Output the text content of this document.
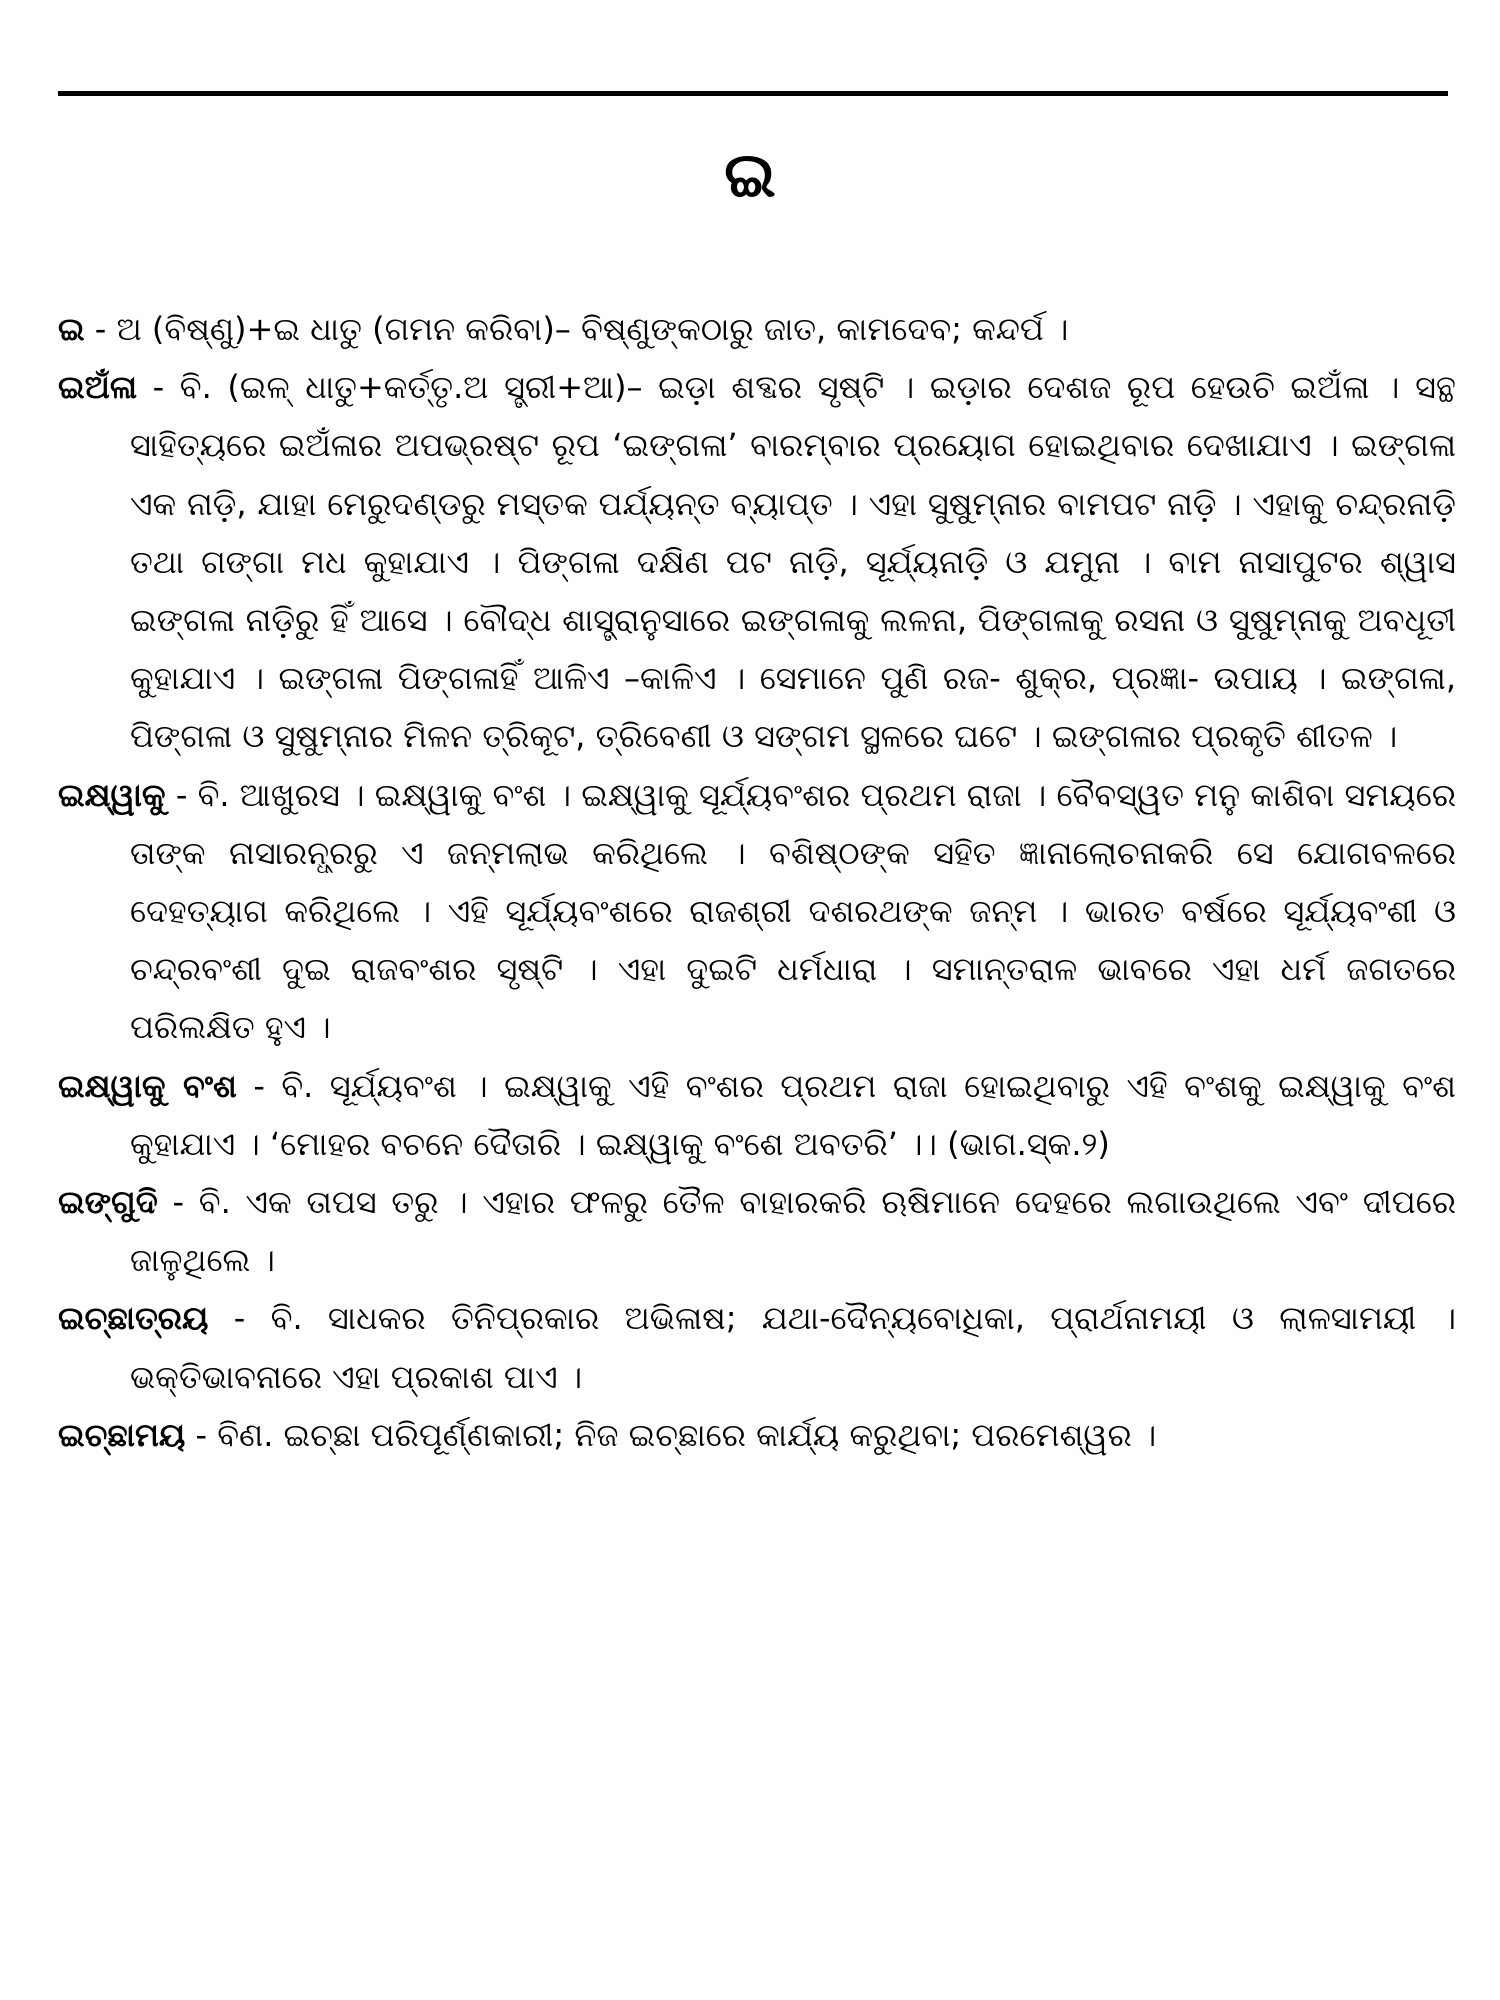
ଇ

ଇ - ଅ (ବିଷ୍ଣୁ)+ଇ ଧାତୁ (ଗମନ କରିବା)– ବିଷ୍ଣୁଙ୍କଠାରୁ ଜାତ, କାମଦେବ; କନ୍ଦର୍ପ ।

ଇଅଁଳା - ବି. (ଇଳ୍ ଧାତୁ+କର୍ତ୍ତୃ.ଅ ସ୍ତ୍ରୀ+ଆ)– ଇଡ଼ା ଶବ୍ଦର ସୃଷ୍ଟି । ଇଡ଼ାର ଦେଶଜ ରୂପ ହେଉଚି ଇଅଁଳା । ସନ୍ଥ ସାହିତ୍ୟରେ ଇଅଁଳାର ଅପଭ୍ରଷ୍ଟ ରୂପ ‘ଇଙ୍ଗଳା’ ବାରମ୍ବାର ପ୍ରୟୋଗ ହୋଇଥିବାର ଦେଖାଯାଏ । ଇଙ୍ଗଳା ଏକ ନାଡ଼ି, ଯାହା ମେରୁଦଣ୍ଡରୁ ମସ୍ତକ ପର୍ଯ୍ୟନ୍ତ ବ୍ୟାପ୍ତ । ଏହା ସୁଷୁମ୍ନାର ବାମପଟ ନାଡ଼ି । ଏହାକୁ ଚନ୍ଦ୍ରନାଡ଼ି ତଥା ଗଙ୍ଗା ମଧ କୁହାଯାଏ । ପିଙ୍ଗଳା ଦକ୍ଷିଣ ପଟ ନାଡ଼ି, ସୂର୍ଯ୍ୟନାଡ଼ି ଓ ଯମୁନା । ବାମ ନାସାପୁଟର ଶ୍ୱାସ ଇଙ୍ଗଳା ନାଡ଼ିରୁ ହିଁ ଆସେ । ବୌଦ୍ଧ ଶାସ୍ତ୍ରାନୁସାରେ ଇଙ୍ଗଳାକୁ ଲଳନା, ପିଙ୍ଗଳାକୁ ରସନା ଓ ସୁଷୁମ୍ନାକୁ ଅବଧୂତୀ କୁହାଯାଏ । ଇଙ୍ଗଳା ପିଙ୍ଗଳାହିଁ ଆଳିଏ –କାଳିଏ । ସେମାନେ ପୁଣି ରଜ- ଶୁକ୍ର, ପ୍ରଜ୍ଞା- ଉପାୟ । ଇଙ୍ଗଳା, ପିଙ୍ଗଳା ଓ ସୁଷୁମ୍ନାର ମିଳନ ତ୍ରିକୂଟ, ତ୍ରିବେଣୀ ଓ ସଙ୍ଗମ ସ୍ଥଳରେ ଘଟେ । ଇଙ୍ଗଳାର ପ୍ରକୃତି ଶୀତଳ ।

ଇକ୍ଷ୍ୱାକୁ - ବି. ଆଖୁରସ । ଇକ୍ଷ୍ୱାକୁ ବଂଶ । ଇକ୍ଷ୍ୱାକୁ ସୂର୍ଯ୍ୟବଂଶର ପ୍ରଥମ ରାଜା । ବୈବସ୍ୱତ ମନୁ କାଶିବା ସମୟରେ ତାଙ୍କ ନାସାରନ୍ଧ୍ରରୁ ଏ ଜନ୍ମଲାଭ କରିଥିଲେ । ବଶିଷ୍ଠଙ୍କ ସହିତ ଜ୍ଞାନାଲୋଚନାକରି ସେ ଯୋଗବଳରେ ଦେହତ୍ୟାଗ କରିଥିଲେ । ଏହି ସୂର୍ଯ୍ୟବଂଶରେ ରାଜଶ୍ରୀ ଦଶରଥଙ୍କ ଜନ୍ମ । ଭାରତ ବର୍ଷରେ ସୂର୍ଯ୍ୟବଂଶୀ ଓ ଚନ୍ଦ୍ରବଂଶୀ ଦୁଇ ରାଜବଂଶର ସୃଷ୍ଟି । ଏହା ଦୁଇଟି ଧର୍ମଧାରା । ସମାନ୍ତରାଳ ଭାବରେ ଏହା ଧର୍ମ ଜଗତରେ ପରିଲକ୍ଷିତ ହୁଏ ।

ଇକ୍ଷ୍ୱାକୁ ବଂଶ - ବି. ସୂର୍ଯ୍ୟବଂଶ । ଇକ୍ଷ୍ୱାକୁ ଏହି ବଂଶର ପ୍ରଥମ ରାଜା ହୋଇଥିବାରୁ ଏହି ବଂଶକୁ ଇକ୍ଷ୍ୱାକୁ ବଂଶ କୁହାଯାଏ । ‘ମୋହର ବଚନେ ଦୈତାରି । ଇକ୍ଷ୍ୱାକୁ ବଂଶେ ଅବତରି’ ।। (ଭାଗ.ସ୍କ.୨)

ଇଙ୍ଗୁଦି - ବି. ଏକ ତାପସ ତରୁ । ଏହାର ଫଳରୁ ତୈଳ ବାହାରକରି ଋଷିମାନେ ଦେହରେ ଲଗାଉଥିଲେ ଏବଂ ଦୀପରେ ଜାଳୁଥିଲେ ।

ଇଚ୍ଛାତ୍ରୟ - ବି. ସାଧକର ତିନିପ୍ରକାର ଅଭିଳାଷ; ଯଥା-ଦୈନ୍ୟବୋଧିକା, ପ୍ରାର୍ଥନାମୟୀ ଓ ଲାଳସାମୟୀ । ଭକ୍ତିଭାବନାରେ ଏହା ପ୍ରକାଶ ପାଏ ।

ଇଚ୍ଛାମୟ - ବିଣ. ଇଚ୍ଛା ପରିପୂର୍ଣ୍ଣକାରୀ; ନିଜ ଇଚ୍ଛାରେ କାର୍ଯ୍ୟ କରୁଥିବା; ପରମେଶ୍ୱର ।
